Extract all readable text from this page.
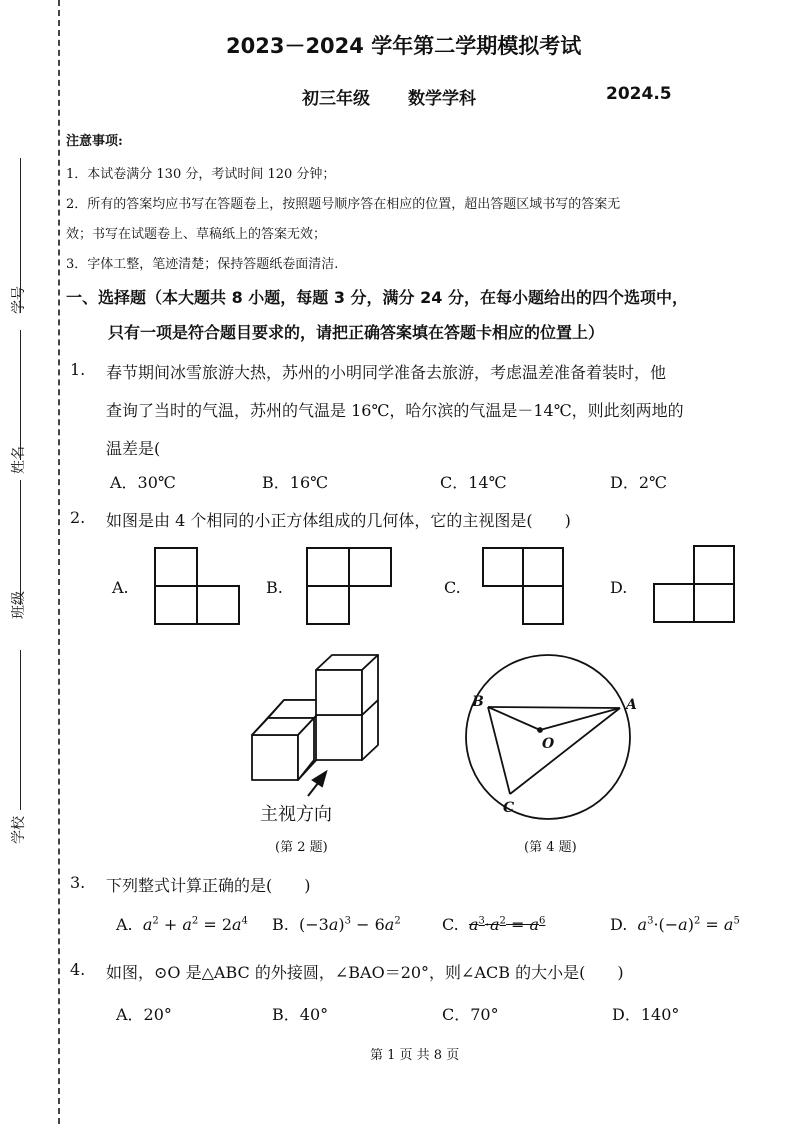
学号
姓名
班级
学校
2023－2024 学年第二学期模拟考试
初三年级 数学学科	2024.5
注意事项:
1．本试卷满分 130 分，考试时间 120 分钟；
2．所有的答案均应书写在答题卷上，按照题号顺序答在相应的位置，超出答题区域书写的答案无
效；书写在试题卷上、草稿纸上的答案无效；
3．字体工整，笔迹清楚；保持答题纸卷面清洁.
一、选择题（本大题共 8 小题，每题 3 分，满分 24 分，在每小题给出的四个选项中，
只有一项是符合题目要求的，请把正确答案填在答题卡相应的位置上）
1. 春节期间冰雪旅游大热，苏州的小明同学准备去旅游，考虑温差准备着装时，他
查询了当时的气温，苏州的气温是 16℃，哈尔滨的气温是－14℃，则此刻两地的
温差是(
A．30℃	B．16℃	C．14℃	D．2℃
2. 如图是由 4 个相同的小正方体组成的几何体，它的主视图是(　　)
A.	B.	C.	D.
主视方向
(第 2 题)
B	A
O
C
(第 4 题)
3. 下列整式计算正确的是(　　)
A. $a^2 + a^2 = 2a^4$ B.  $(-3a)^3 - 6a^2$	C. $a^3\cdot a^2 = a^6$	D. $a^3\cdot(-a)^2 = a^5$
4. 如图，⊙O 是△ABC 的外接圆，∠BAO＝20°，则∠ACB 的大小是(　　)
A．20°	B．40°	C．70°	D．140°
第 1 页 共 8 页
